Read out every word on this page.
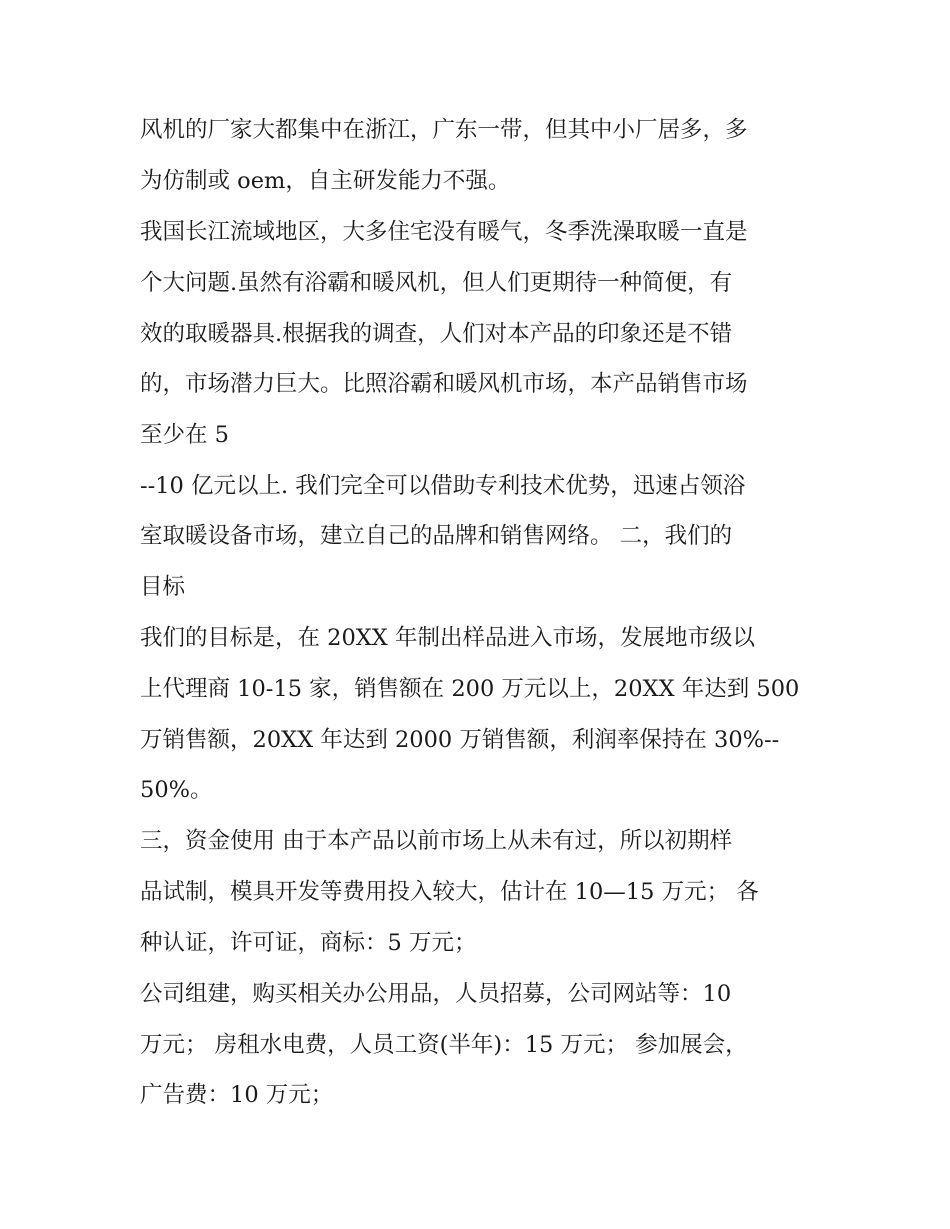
风机的厂家大都集中在浙江，广东一带，但其中小厂居多，多
为仿制或 oem，自主研发能力不强。
我国长江流域地区，大多住宅没有暖气，冬季洗澡取暖一直是
个大问题.虽然有浴霸和暖风机，但人们更期待一种简便，有
效的取暖器具.根据我的调查，人们对本产品的印象还是不错
的，市场潜力巨大。比照浴霸和暖风机市场，本产品销售市场
至少在 5
--10 亿元以上. 我们完全可以借助专利技术优势，迅速占领浴
室取暖设备市场，建立自己的品牌和销售网络。 二，我们的
目标
我们的目标是，在 20XX 年制出样品进入市场，发展地市级以
上代理商 10-15 家，销售额在 200 万元以上，20XX 年达到 500
万销售额，20XX 年达到 2000 万销售额，利润率保持在 30%--
50%。
三，资金使用 由于本产品以前市场上从未有过，所以初期样
品试制，模具开发等费用投入较大，估计在 10—15 万元； 各
种认证，许可证，商标：5 万元；
公司组建，购买相关办公用品，人员招募，公司网站等：10
万元； 房租水电费，人员工资(半年)：15 万元； 参加展会，
广告费：10 万元；
